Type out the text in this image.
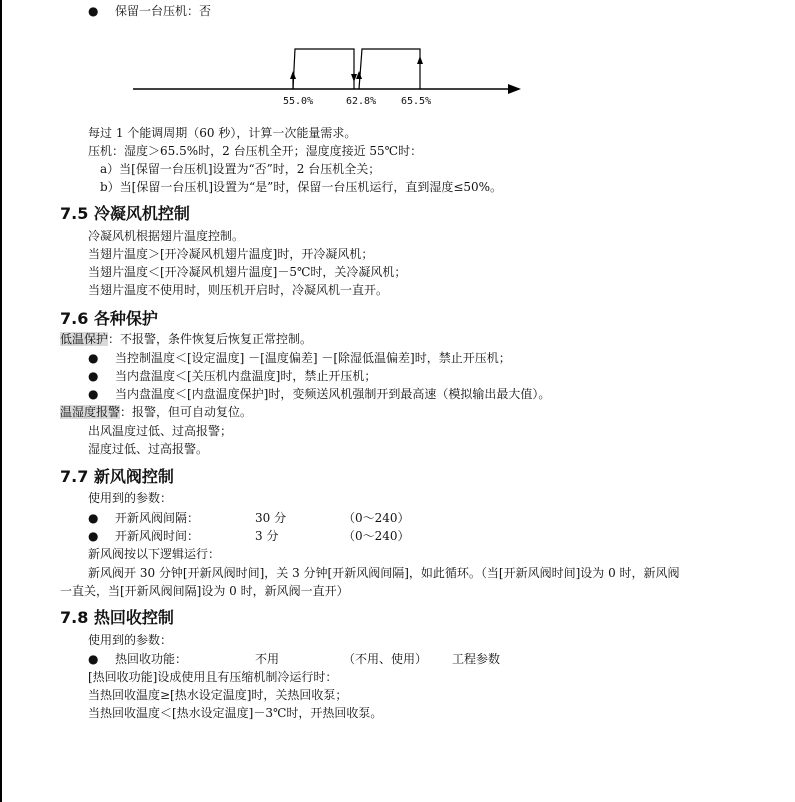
● 保留一台压机：否
55.0%	62.8% 65.5%
每过 1 个能调周期（60 秒），计算一次能量需求。
压机：湿度＞65.5%时，2 台压机全开；湿度度接近 55℃时：
a）当[保留一台压机]设置为“否”时，2 台压机全关；
b）当[保留一台压机]设置为“是”时，保留一台压机运行，直到湿度≤50%。
7.5 冷凝风机控制
冷凝风机根据翅片温度控制。
当翅片温度＞[开冷凝风机翅片温度]时，开冷凝风机；
当翅片温度＜[开冷凝风机翅片温度]－5℃时，关冷凝风机；
当翅片温度不使用时，则压机开启时，冷凝风机一直开。
7.6 各种保护
低温保护：不报警，条件恢复后恢复正常控制。
● 当控制温度＜[设定温度] －[温度偏差] －[除湿低温偏差]时，禁止开压机；
● 当内盘温度＜[关压机内盘温度]时，禁止开压机；
● 当内盘温度＜[内盘温度保护]时，变频送风机强制开到最高速（模拟输出最大值）。
温湿度报警：报警，但可自动复位。
出风温度过低、过高报警；
湿度过低、过高报警。
7.7 新风阀控制
使用到的参数：
● 开新风阀间隔：	30 分	（0～240）
● 开新风阀时间：	3 分	（0～240）
新风阀按以下逻辑运行：
新风阀开 30 分钟[开新风阀时间]，关 3 分钟[开新风阀间隔]，如此循环。（当[开新风阀时间]设为 0 时，新风阀
一直关，当[开新风阀间隔]设为 0 时，新风阀一直开）
7.8 热回收控制
使用到的参数：
● 热回收功能：	不用	（不用、使用） 工程参数
[热回收功能]设成使用且有压缩机制冷运行时：
当热回收温度≥[热水设定温度]时，关热回收泵；
当热回收温度＜[热水设定温度]－3℃时，开热回收泵。
